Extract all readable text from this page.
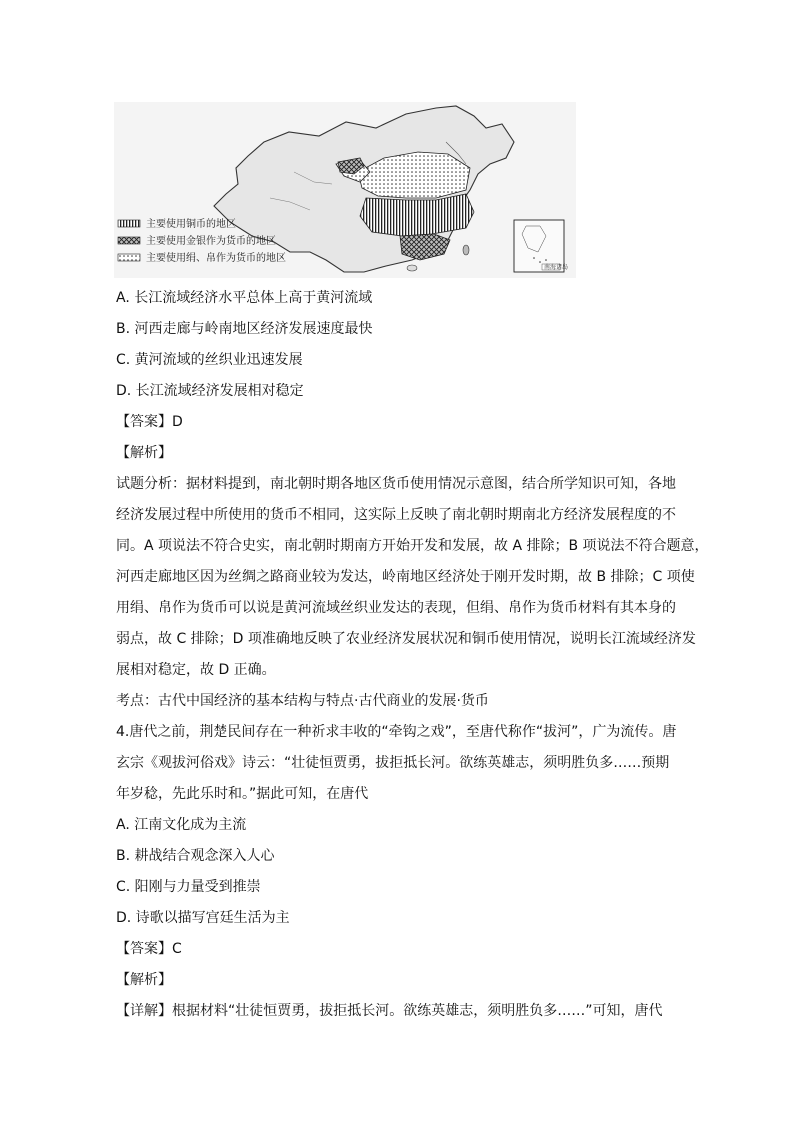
主要使用铜币的地区
主要使用金银作为货币的地区
主要使用绢、帛作为货币的地区
南海诸岛
A. 长江流域经济水平总体上高于黄河流域
B. 河西走廊与岭南地区经济发展速度最快
C. 黄河流域的丝织业迅速发展
D. 长江流域经济发展相对稳定
【答案】D
【解析】
试题分析：据材料提到，南北朝时期各地区货币使用情况示意图，结合所学知识可知，各地
经济发展过程中所使用的货币不相同，这实际上反映了南北朝时期南北方经济发展程度的不
同。A 项说法不符合史实，南北朝时期南方开始开发和发展，故 A 排除；B 项说法不符合题意，
河西走廊地区因为丝绸之路商业较为发达，岭南地区经济处于刚开发时期，故 B 排除；C 项使
用绢、帛作为货币可以说是黄河流域丝织业发达的表现，但绢、帛作为货币材料有其本身的
弱点，故 C 排除；D 项准确地反映了农业经济发展状况和铜币使用情况，说明长江流域经济发
展相对稳定，故 D 正确。
考点：古代中国经济的基本结构与特点·古代商业的发展·货币
4.唐代之前，荆楚民间存在一种祈求丰收的“牵钩之戏”，至唐代称作“拔河”，广为流传。唐
玄宗《观拔河俗戏》诗云：“壮徒恒贾勇，拔拒抵长河。欲练英雄志，须明胜负多……预期
年岁稔，先此乐时和。”据此可知，在唐代
A. 江南文化成为主流
B. 耕战结合观念深入人心
C. 阳刚与力量受到推崇
D. 诗歌以描写宫廷生活为主
【答案】C
【解析】
【详解】根据材料“壮徒恒贾勇，拔拒抵长河。欲练英雄志，须明胜负多……”可知，唐代
